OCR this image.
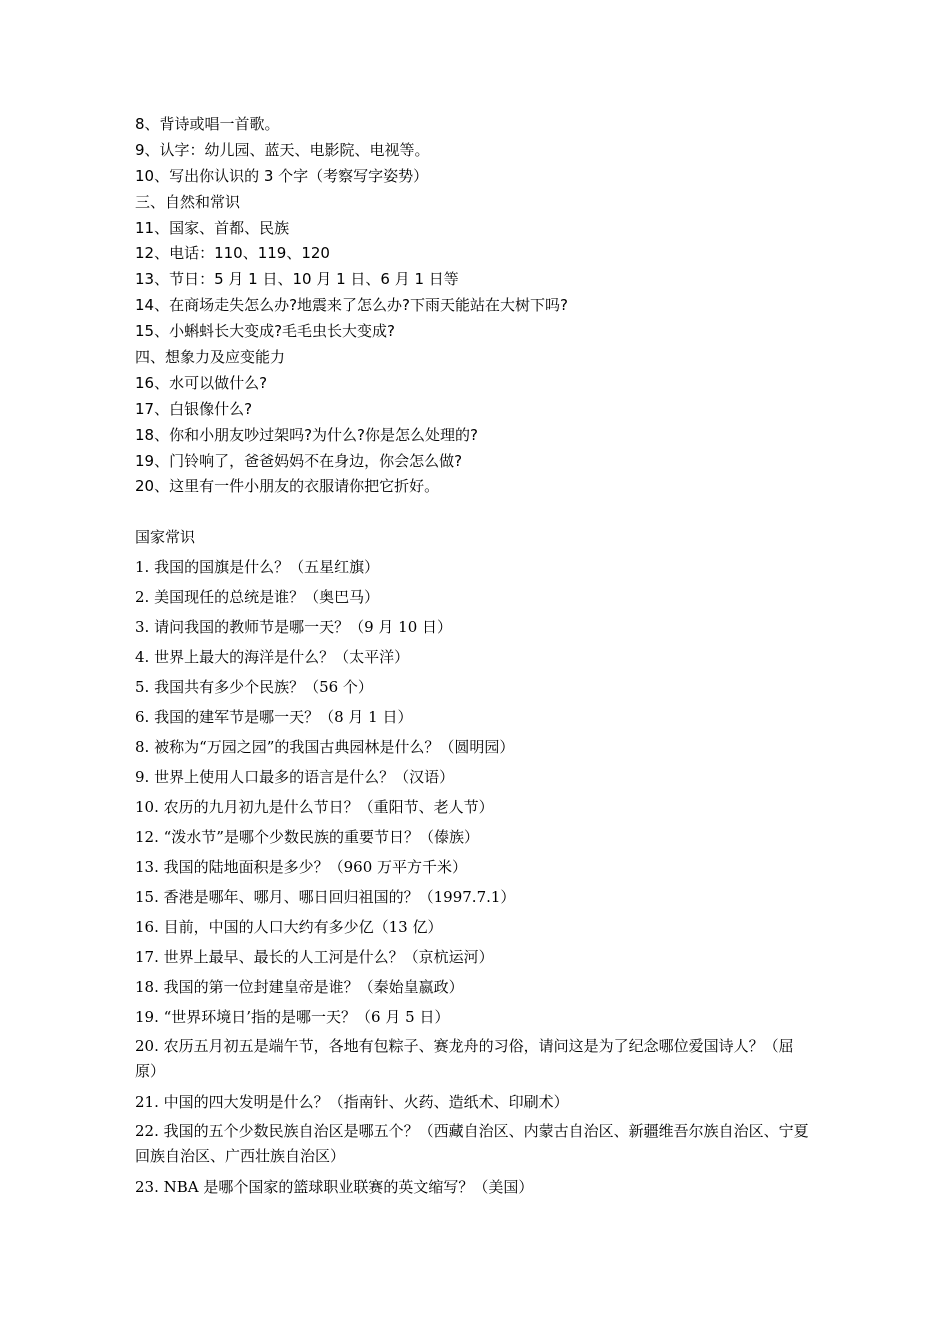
8、背诗或唱一首歌。
9、认字：幼儿园、蓝天、电影院、电视等。
10、写出你认识的 3 个字（考察写字姿势）
三、自然和常识
11、国家、首都、民族
12、电话：110、119、120
13、节日：5 月 1 日、10 月 1 日、6 月 1 日等
14、在商场走失怎么办?地震来了怎么办?下雨天能站在大树下吗?
15、小蝌蚪长大变成?毛毛虫长大变成?
四、想象力及应变能力
16、水可以做什么?
17、白银像什么?
18、你和小朋友吵过架吗?为什么?你是怎么处理的?
19、门铃响了，爸爸妈妈不在身边，你会怎么做?
20、这里有一件小朋友的衣服请你把它折好。
国家常识
1. 我国的国旗是什么？（五星红旗）
2. 美国现任的总统是谁？（奥巴马）
3. 请问我国的教师节是哪一天？（9 月 10 日）
4. 世界上最大的海洋是什么？（太平洋）
5. 我国共有多少个民族？（56 个）
6. 我国的建军节是哪一天？（8 月 1 日）
8. 被称为“万园之园”的我国古典园林是什么？（圆明园）
9. 世界上使用人口最多的语言是什么？（汉语）
10. 农历的九月初九是什么节日？（重阳节、老人节）
12. “泼水节”是哪个少数民族的重要节日？（傣族）
13. 我国的陆地面积是多少？（960 万平方千米）
15. 香港是哪年、哪月、哪日回归祖国的？（1997.7.1）
16. 目前，中国的人口大约有多少亿（13 亿）
17. 世界上最早、最长的人工河是什么？（京杭运河）
18. 我国的第一位封建皇帝是谁？（秦始皇嬴政）
19. “世界环境日’指的是哪一天？（6 月 5 日）
20. 农历五月初五是端午节，各地有包粽子、赛龙舟的习俗，请问这是为了纪念哪位爱国诗人？（屈原）
21. 中国的四大发明是什么？（指南针、火药、造纸术、印刷术）
22. 我国的五个少数民族自治区是哪五个？（西藏自治区、内蒙古自治区、新疆维吾尔族自治区、宁夏回族自治区、广西壮族自治区）
23. NBA 是哪个国家的篮球职业联赛的英文缩写？（美国）
